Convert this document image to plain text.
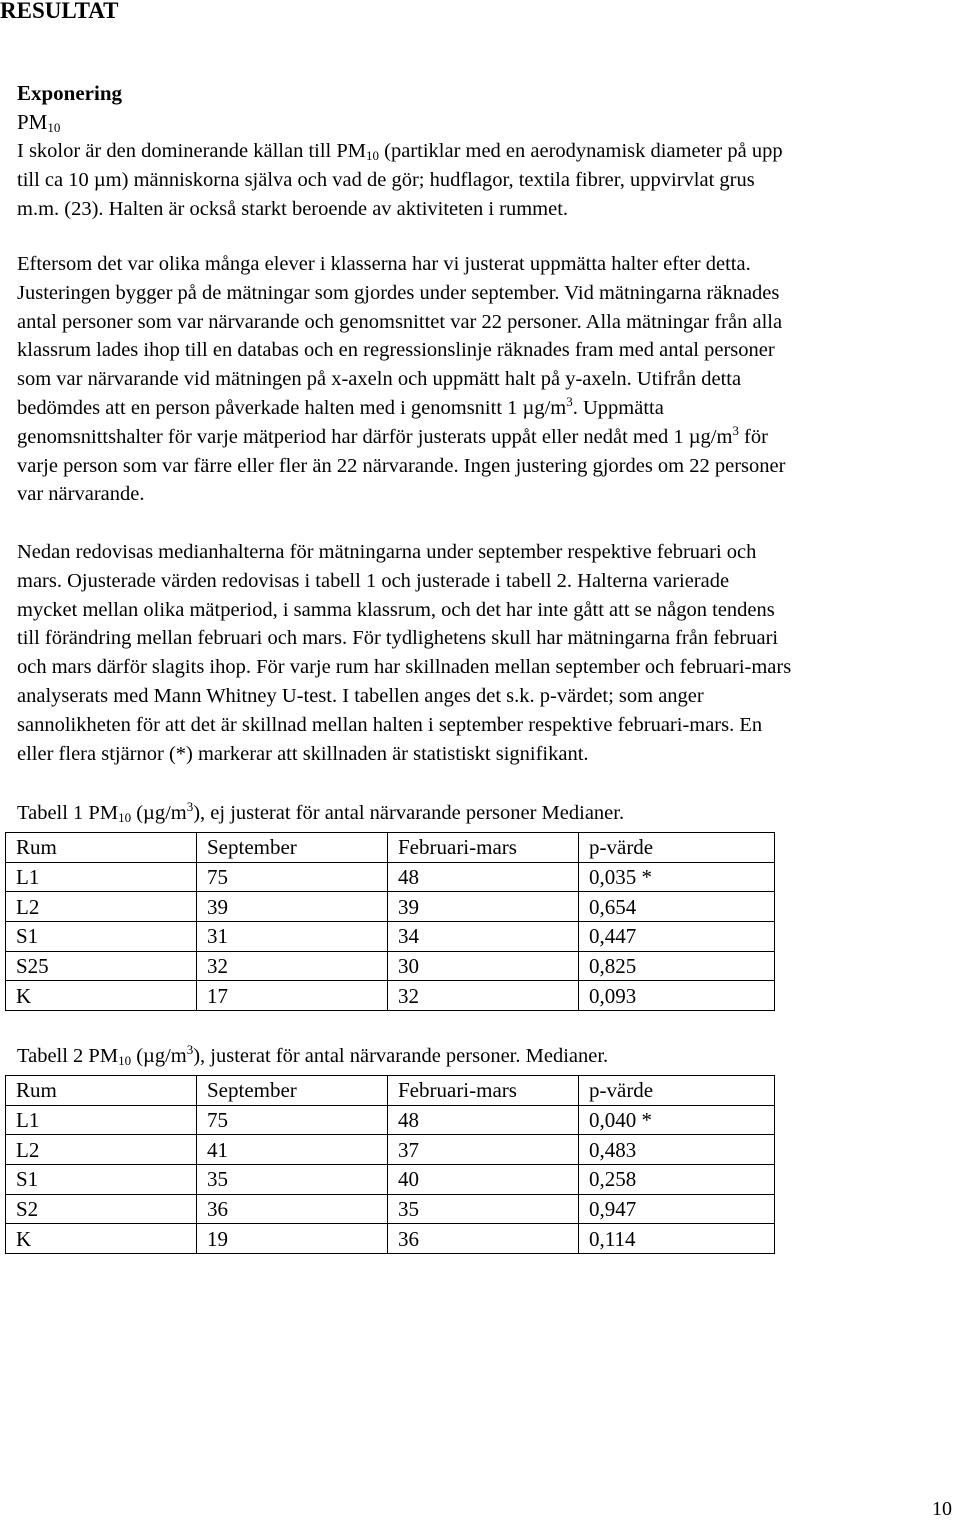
RESULTAT
Exponering
$PM_{10}$

I skolor är den dominerande källan till $PM_{10}$ (partiklar med en aerodynamisk diameter på upp
till ca 10 µm) människorna själva och vad de gör; hudflagor, textila fibrer, uppvirvlat grus
m.m. (23). Halten är också starkt beroende av aktiviteten i rummet.

Eftersom det var olika många elever i klasserna har vi justerat uppmätta halter efter detta.
Justeringen bygger på de mätningar som gjordes under september. Vid mätningarna räknades
antal personer som var närvarande och genomsnittet var 22 personer. Alla mätningar från alla
klassrum lades ihop till en databas och en regressionslinje räknades fram med antal personer
som var närvarande vid mätningen på x-axeln och uppmätt halt på y-axeln. Utifrån detta
bedömdes att en person påverkade halten med i genomsnitt 1 $\mu g/m^3$. Uppmätta
genomsnittshalter för varje mätperiod har därför justerats uppåt eller nedåt med 1 $\mu g/m^3$ för
varje person som var färre eller fler än 22 närvarande. Ingen justering gjordes om 22 personer
var närvarande.

Nedan redovisas medianhalterna för mätningarna under september respektive februari och
mars. Ojusterade värden redovisas i tabell 1 och justerade i tabell 2. Halterna varierade
mycket mellan olika mätperiod, i samma klassrum, och det har inte gått att se någon tendens
till förändring mellan februari och mars. För tydlighetens skull har mätningarna från februari
och mars därför slagits ihop. För varje rum har skillnaden mellan september och februari-mars
analyserats med Mann Whitney U-test. I tabellen anges det s.k. p-värdet; som anger
sannolikheten för att det är skillnad mellan halten i september respektive februari-mars. En
eller flera stjärnor (*) markerar att skillnaden är statistiskt signifikant.

Tabell 1 $PM_{10}$ $(\mu g/m^3)$, ej justerat för antal närvarande personer Medianer.
Rum	September	Februari-mars	p-värde
L1	75	48	0,035 *
L2	39	39	0,654
S1	31	34	0,447
S25	32	30	0,825
K	17	32	0,093
Tabell 2 $PM_{10}$ $(\mu g/m^3)$, justerat för antal närvarande personer. Medianer.
Rum	September	Februari-mars	p-värde
L1	75	48	0,040 *
L2	41	37	0,483
S1	35	40	0,258
S2	36	35	0,947
K	19	36	0,114
10
